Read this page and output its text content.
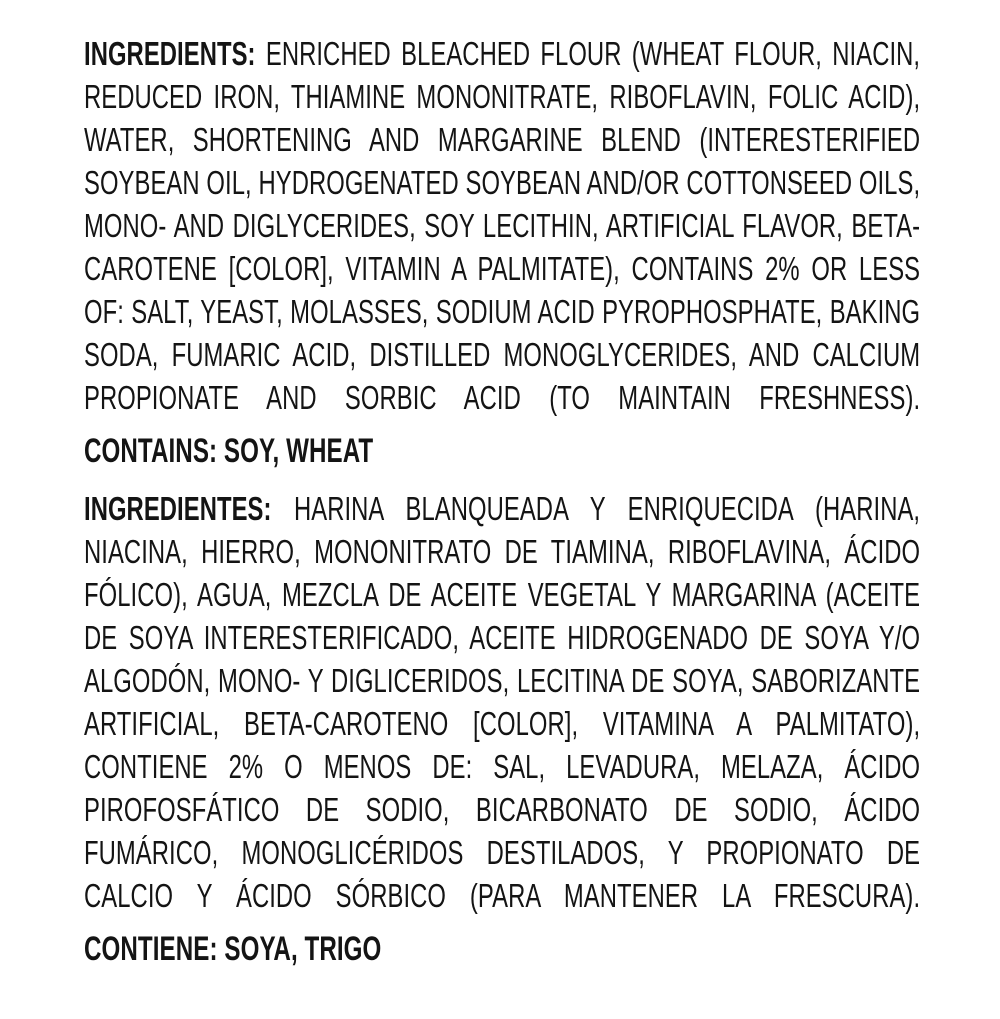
INGREDIENTS: ENRICHED BLEACHED FLOUR (WHEAT FLOUR, NIACIN, REDUCED IRON, THIAMINE MONONITRATE, RIBOFLAVIN, FOLIC ACID), WATER, SHORTENING AND MARGARINE BLEND (INTERESTERIFIED SOYBEAN OIL, HYDROGENATED SOYBEAN AND/OR COTTONSEED OILS, MONO- AND DIGLYCERIDES, SOY LECITHIN, ARTIFICIAL FLAVOR, BETA-CAROTENE [COLOR], VITAMIN A PALMITATE), CONTAINS 2% OR LESS OF: SALT, YEAST, MOLASSES, SODIUM ACID PYROPHOSPHATE, BAKING SODA, FUMARIC ACID, DISTILLED MONOGLYCERIDES, AND CALCIUM PROPIONATE AND SORBIC ACID (TO MAINTAIN FRESHNESS).

CONTAINS: SOY, WHEAT

INGREDIENTES: HARINA BLANQUEADA Y ENRIQUECIDA (HARINA, NIACINA, HIERRO, MONONITRATO DE TIAMINA, RIBOFLAVINA, ÁCIDO FÓLICO), AGUA, MEZCLA DE ACEITE VEGETAL Y MARGARINA (ACEITE DE SOYA INTERESTERIFICADO, ACEITE HIDROGENADO DE SOYA Y/O ALGODÓN, MONO- Y DIGLICERIDOS, LECITINA DE SOYA, SABORIZANTE ARTIFICIAL, BETA-CAROTENO [COLOR], VITAMINA A PALMITATO), CONTIENE 2% O MENOS DE: SAL, LEVADURA, MELAZA, ÁCIDO PIROFOSFÁTICO DE SODIO, BICARBONATO DE SODIO, ÁCIDO FUMÁRICO, MONOGLICÉRIDOS DESTILADOS, Y PROPIONATO DE CALCIO Y ÁCIDO SÓRBICO (PARA MANTENER LA FRESCURA).

CONTIENE: SOYA, TRIGO
